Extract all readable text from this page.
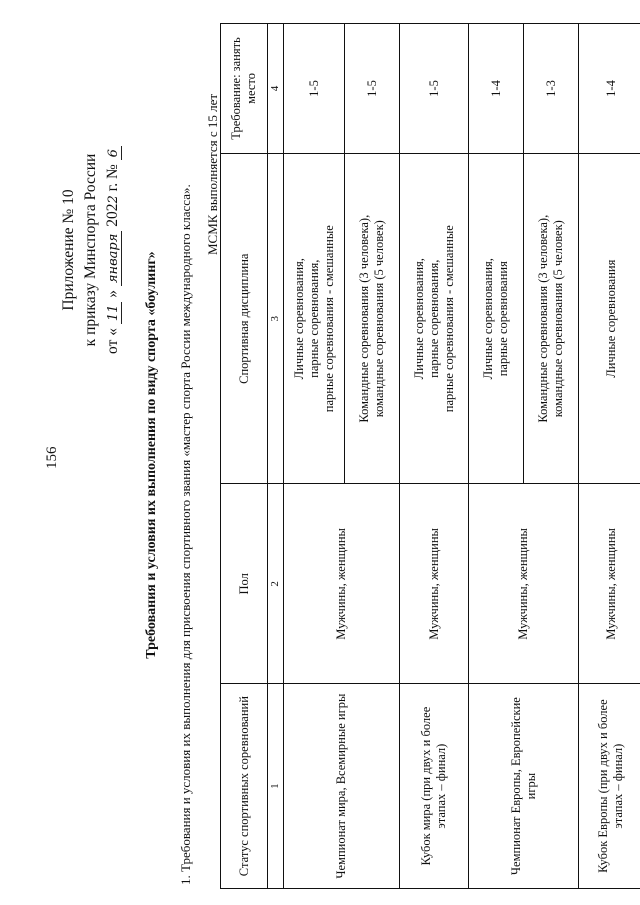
156
Приложение № 10 к приказу Минспорта России от « 11 » января 2022 г. № 6
Требования и условия их выполнения по виду спорта «боулинг» 1. Требования и условия их выполнения для присвоения спортивного звания «мастер спорта России международного класса».
МСМК выполняется с 15 лет
Статус спортивных соревнований	Пол	Спортивная дисциплина	Требование: занять место
1	2	3	4
Чемпионат мира, Всемирные игры	Мужчины, женщины	Личные соревнования, парные соревнования, парные соревнования - смешанные	1-5

		Командные соревнования (3 человека), командные соревнования (5 человек)	1-5
Кубок мира (при двух и более этапах – финал)	Мужчины, женщины	Личные соревнования, парные соревнования, парные соревнования - смешанные	1-5
Чемпионат Европы, Европейские игры	Мужчины, женщины	Личные соревнования, парные соревнования	1-4

		Командные соревнования (3 человека), командные соревнования (5 человек)	1-3
Кубок Европы (при двух и более этапах – финал)	Мужчины, женщины	Личные соревнования	1-4
